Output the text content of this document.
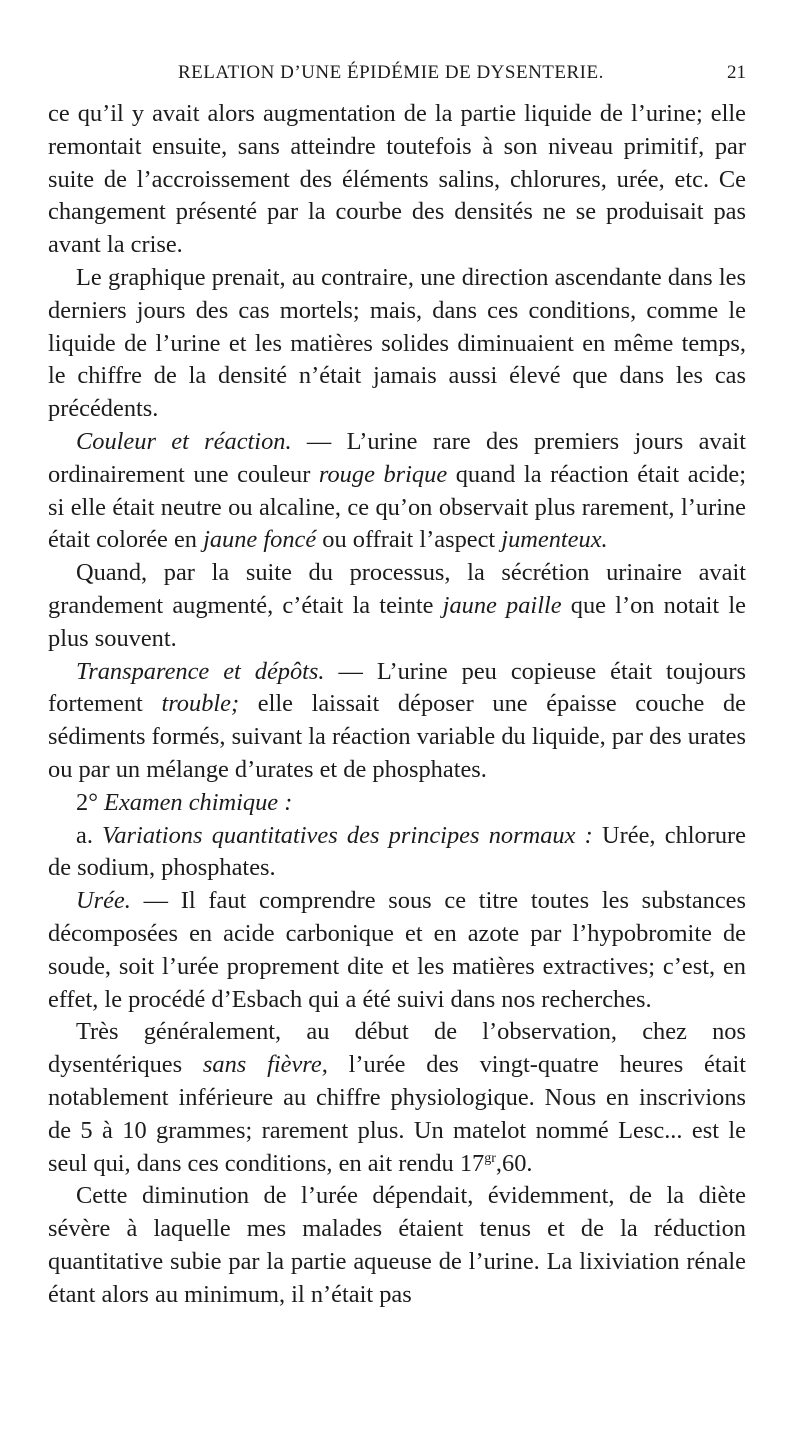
RELATION D’UNE ÉPIDÉMIE DE DYSENTERIE.	21

ce qu’il y avait alors augmentation de la partie liquide de l’urine; elle remontait ensuite, sans atteindre toutefois à son niveau primitif, par suite de l’accroissement des éléments salins, chlorures, urée, etc. Ce changement présenté par la courbe des densités ne se produisait pas avant la crise.

Le graphique prenait, au contraire, une direction ascendante dans les derniers jours des cas mortels; mais, dans ces conditions, comme le liquide de l’urine et les matières solides diminuaient en même temps, le chiffre de la densité n’était jamais aussi élevé que dans les cas précédents.

Couleur et réaction. — L’urine rare des premiers jours avait ordinairement une couleur rouge brique quand la réaction était acide; si elle était neutre ou alcaline, ce qu’on observait plus rarement, l’urine était colorée en jaune foncé ou offrait l’aspect jumenteux.

Quand, par la suite du processus, la sécrétion urinaire avait grandement augmenté, c’était la teinte jaune paille que l’on notait le plus souvent.

Transparence et dépôts. — L’urine peu copieuse était toujours fortement trouble; elle laissait déposer une épaisse couche de sédiments formés, suivant la réaction variable du liquide, par des urates ou par un mélange d’urates et de phosphates.

2° Examen chimique :

a. Variations quantitatives des principes normaux : Urée, chlorure de sodium, phosphates.

Urée. — Il faut comprendre sous ce titre toutes les substances décomposées en acide carbonique et en azote par l’hypobromite de soude, soit l’urée proprement dite et les matières extractives; c’est, en effet, le procédé d’Esbach qui a été suivi dans nos recherches.

Très généralement, au début de l’observation, chez nos dysentériques sans fièvre, l’urée des vingt-quatre heures était notablement inférieure au chiffre physiologique. Nous en inscrivions de 5 à 10 grammes; rarement plus. Un matelot nommé Lesc... est le seul qui, dans ces conditions, en ait rendu $17^{gr},60$.

Cette diminution de l’urée dépendait, évidemment, de la diète sévère à laquelle mes malades étaient tenus et de la réduction quantitative subie par la partie aqueuse de l’urine. La lixiviation rénale étant alors au minimum, il n’était pas
